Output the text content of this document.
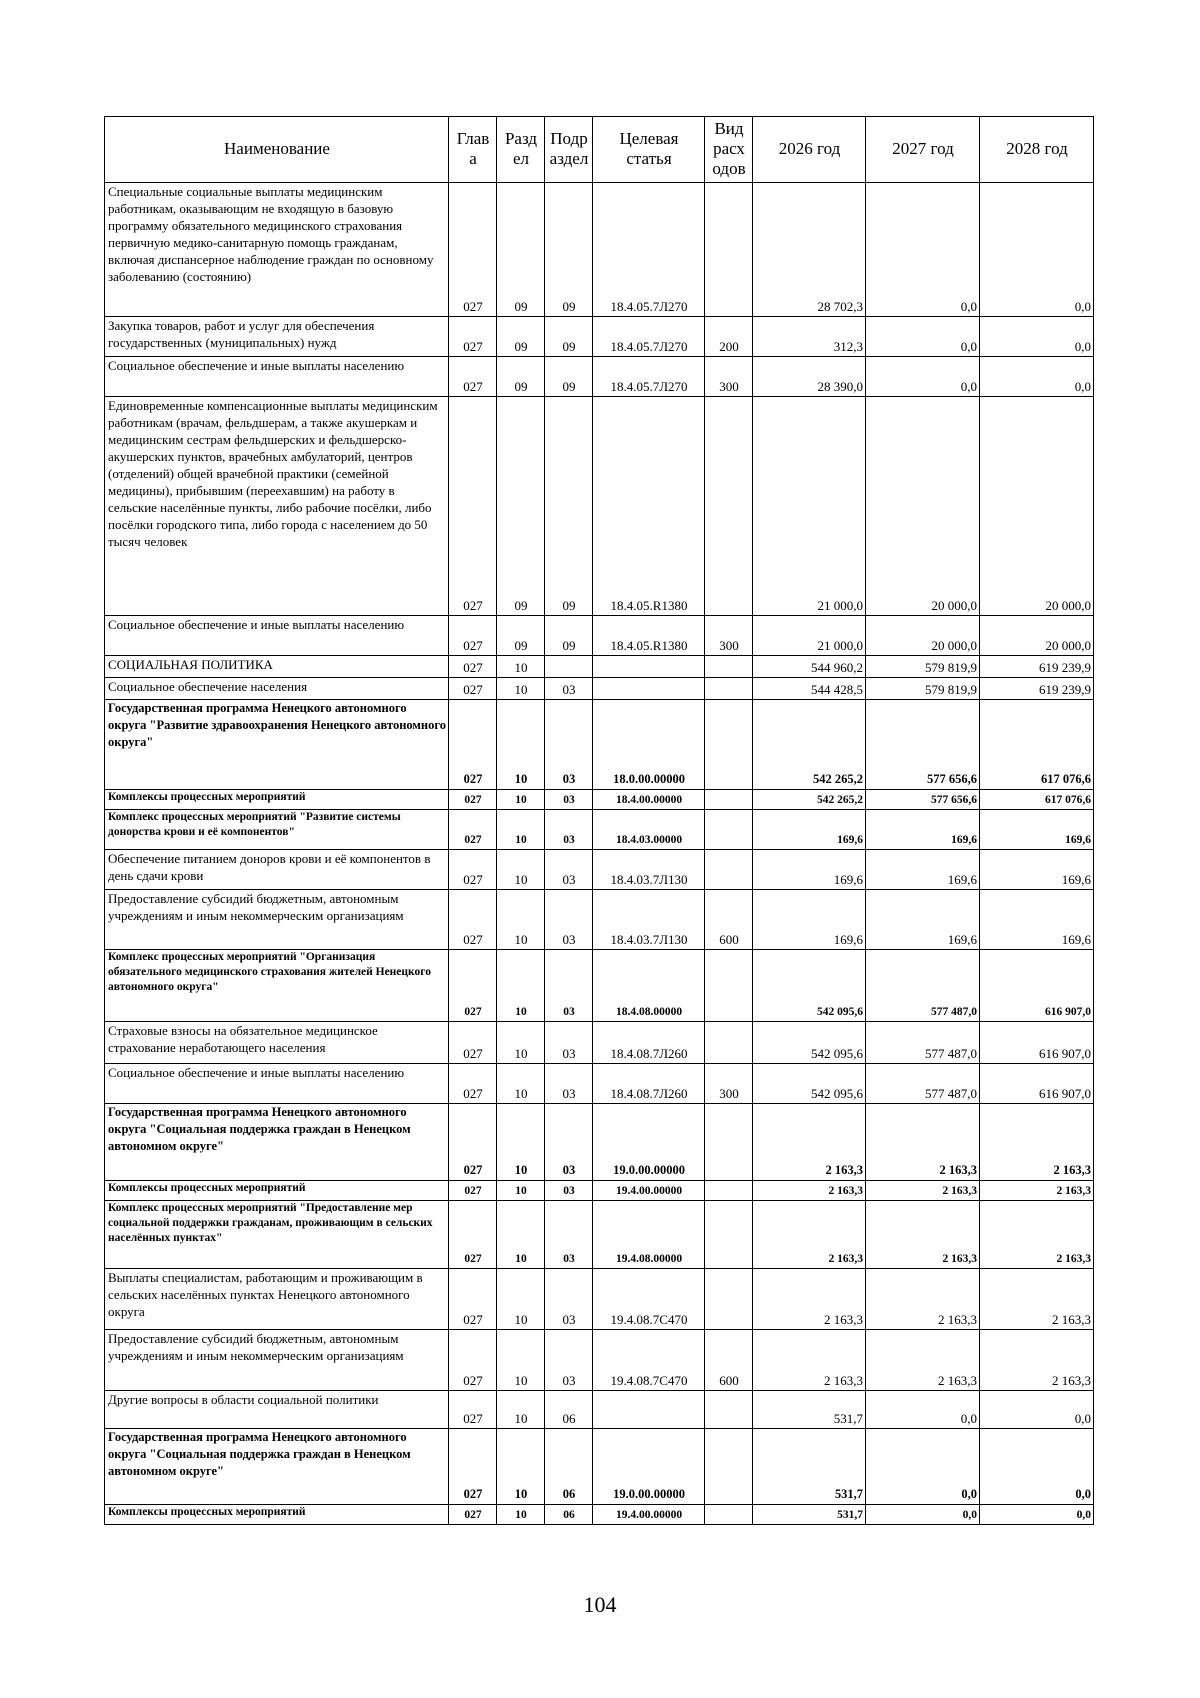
Наименование	Глав а	Разд ел	Подр аздел	Целевая статья	Вид расх одов	2026 год	2027 год	2028 год
Специальные социальные выплаты медицинским работникам, оказывающим не входящую в базовую программу обязательного медицинского страхования первичную медико-санитарную помощь гражданам, включая диспансерное наблюдение граждан по основному заболеванию (состоянию)	027	09	09	18.4.05.7Л270		28 702,3	0,0	0,0
Закупка товаров, работ и услуг для обеспечения государственных (муниципальных) нужд	027	09	09	18.4.05.7Л270	200	312,3	0,0	0,0
Социальное обеспечение и иные выплаты населению	027	09	09	18.4.05.7Л270	300	28 390,0	0,0	0,0
Единовременные компенсационные выплаты медицинским работникам (врачам, фельдшерам, а также акушеркам и медицинским сестрам фельдшерских и фельдшерско-акушерских пунктов, врачебных амбулаторий, центров (отделений) общей врачебной практики (семейной медицины), прибывшим (переехавшим) на работу в сельские населённые пункты, либо рабочие посёлки, либо посёлки городского типа, либо города с населением до 50 тысяч человек	027	09	09	18.4.05.R1380		21 000,0	20 000,0	20 000,0
Социальное обеспечение и иные выплаты населению	027	09	09	18.4.05.R1380	300	21 000,0	20 000,0	20 000,0
СОЦИАЛЬНАЯ ПОЛИТИКА	027	10				544 960,2	579 819,9	619 239,9
Социальное обеспечение населения	027	10	03			544 428,5	579 819,9	619 239,9
Государственная программа Ненецкого автономного округа "Развитие здравоохранения Ненецкого автономного округа"	027	10	03	18.0.00.00000		542 265,2	577 656,6	617 076,6
Комплексы процессных мероприятий	027	10	03	18.4.00.00000		542 265,2	577 656,6	617 076,6
Комплекс процессных мероприятий "Развитие системы донорства крови и её компонентов"	027	10	03	18.4.03.00000		169,6	169,6	169,6
Обеспечение питанием доноров крови и её компонентов в день сдачи крови	027	10	03	18.4.03.7Л130		169,6	169,6	169,6
Предоставление субсидий бюджетным, автономным учреждениям и иным некоммерческим организациям	027	10	03	18.4.03.7Л130	600	169,6	169,6	169,6
Комплекс процессных мероприятий "Организация обязательного медицинского страхования жителей Ненецкого автономного округа"	027	10	03	18.4.08.00000		542 095,6	577 487,0	616 907,0
Страховые взносы на обязательное медицинское страхование неработающего населения	027	10	03	18.4.08.7Л260		542 095,6	577 487,0	616 907,0
Социальное обеспечение и иные выплаты населению	027	10	03	18.4.08.7Л260	300	542 095,6	577 487,0	616 907,0
Государственная программа Ненецкого автономного округа "Социальная поддержка граждан в Ненецком автономном округе"	027	10	03	19.0.00.00000		2 163,3	2 163,3	2 163,3
Комплексы процессных мероприятий	027	10	03	19.4.00.00000		2 163,3	2 163,3	2 163,3
Комплекс процессных мероприятий "Предоставление мер социальной поддержки гражданам, проживающим в сельских населённых пунктах"	027	10	03	19.4.08.00000		2 163,3	2 163,3	2 163,3
Выплаты специалистам, работающим и проживающим в сельских населённых пунктах Ненецкого автономного округа	027	10	03	19.4.08.7С470		2 163,3	2 163,3	2 163,3
Предоставление субсидий бюджетным, автономным учреждениям и иным некоммерческим организациям	027	10	03	19.4.08.7С470	600	2 163,3	2 163,3	2 163,3
Другие вопросы в области социальной политики	027	10	06			531,7	0,0	0,0
Государственная программа Ненецкого автономного округа "Социальная поддержка граждан в Ненецком автономном округе"	027	10	06	19.0.00.00000		531,7	0,0	0,0
Комплексы процессных мероприятий	027	10	06	19.4.00.00000		531,7	0,0	0,0
104
